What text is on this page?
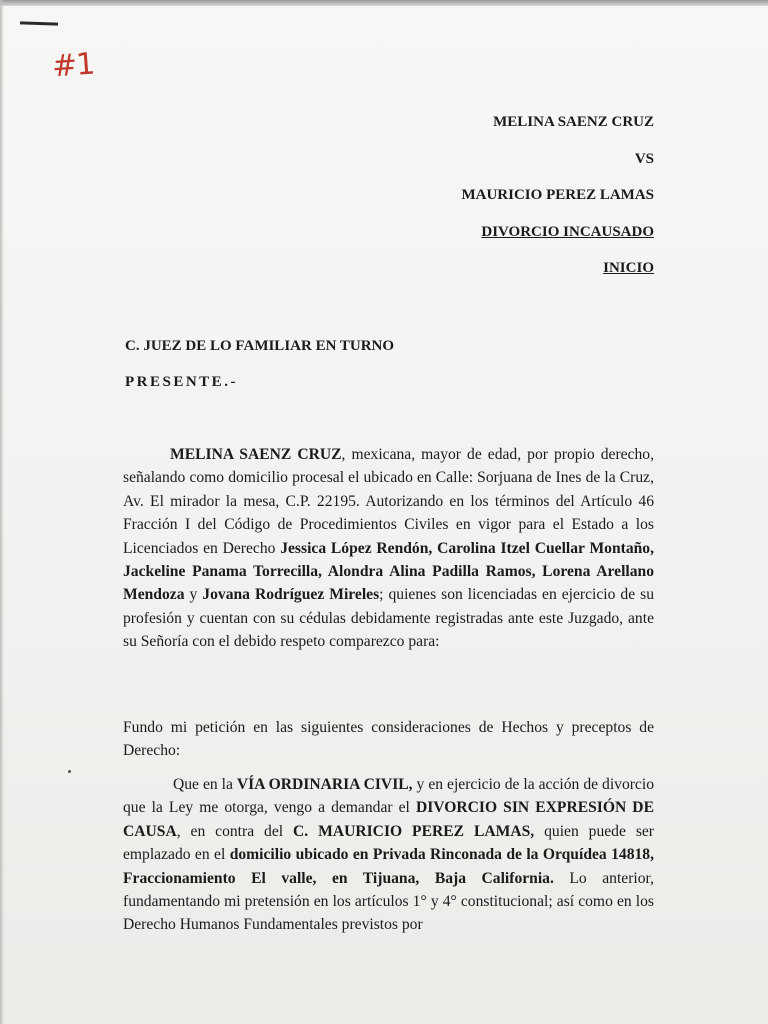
#1
MELINA SAENZ CRUZ
VS
MAURICIO PEREZ LAMAS
DIVORCIO INCAUSADO
INICIO
C. JUEZ DE LO FAMILIAR EN TURNO
PRESENTE.-
MELINA SAENZ CRUZ, mexicana, mayor de edad, por propio derecho, señalando como domicilio procesal el ubicado en Calle: Sorjuana de Ines de la Cruz, Av. El mirador la mesa, C.P. 22195. Autorizando en los términos del Artículo 46 Fracción I del Código de Procedimientos Civiles en vigor para el Estado a los Licenciados en Derecho Jessica López Rendón, Carolina Itzel Cuellar Montaño, Jackeline Panama Torrecilla, Alondra Alina Padilla Ramos, Lorena Arellano Mendoza y Jovana Rodríguez Mireles; quienes son licenciadas en ejercicio de su profesión y cuentan con su cédulas debidamente registradas ante este Juzgado, ante su Señoría con el debido respeto comparezco para:
Fundo mi petición en las siguientes consideraciones de Hechos y preceptos de Derecho:
Que en la VÍA ORDINARIA CIVIL, y en ejercicio de la acción de divorcio que la Ley me otorga, vengo a demandar el DIVORCIO SIN EXPRESIÓN DE CAUSA, en contra del C. MAURICIO PEREZ LAMAS, quien puede ser emplazado en el domicilio ubicado en Privada Rinconada de la Orquídea 14818, Fraccionamiento El valle, en Tijuana, Baja California. Lo anterior, fundamentando mi pretensión en los artículos 1° y 4° constitucional; así como en los Derecho Humanos Fundamentales previstos por
